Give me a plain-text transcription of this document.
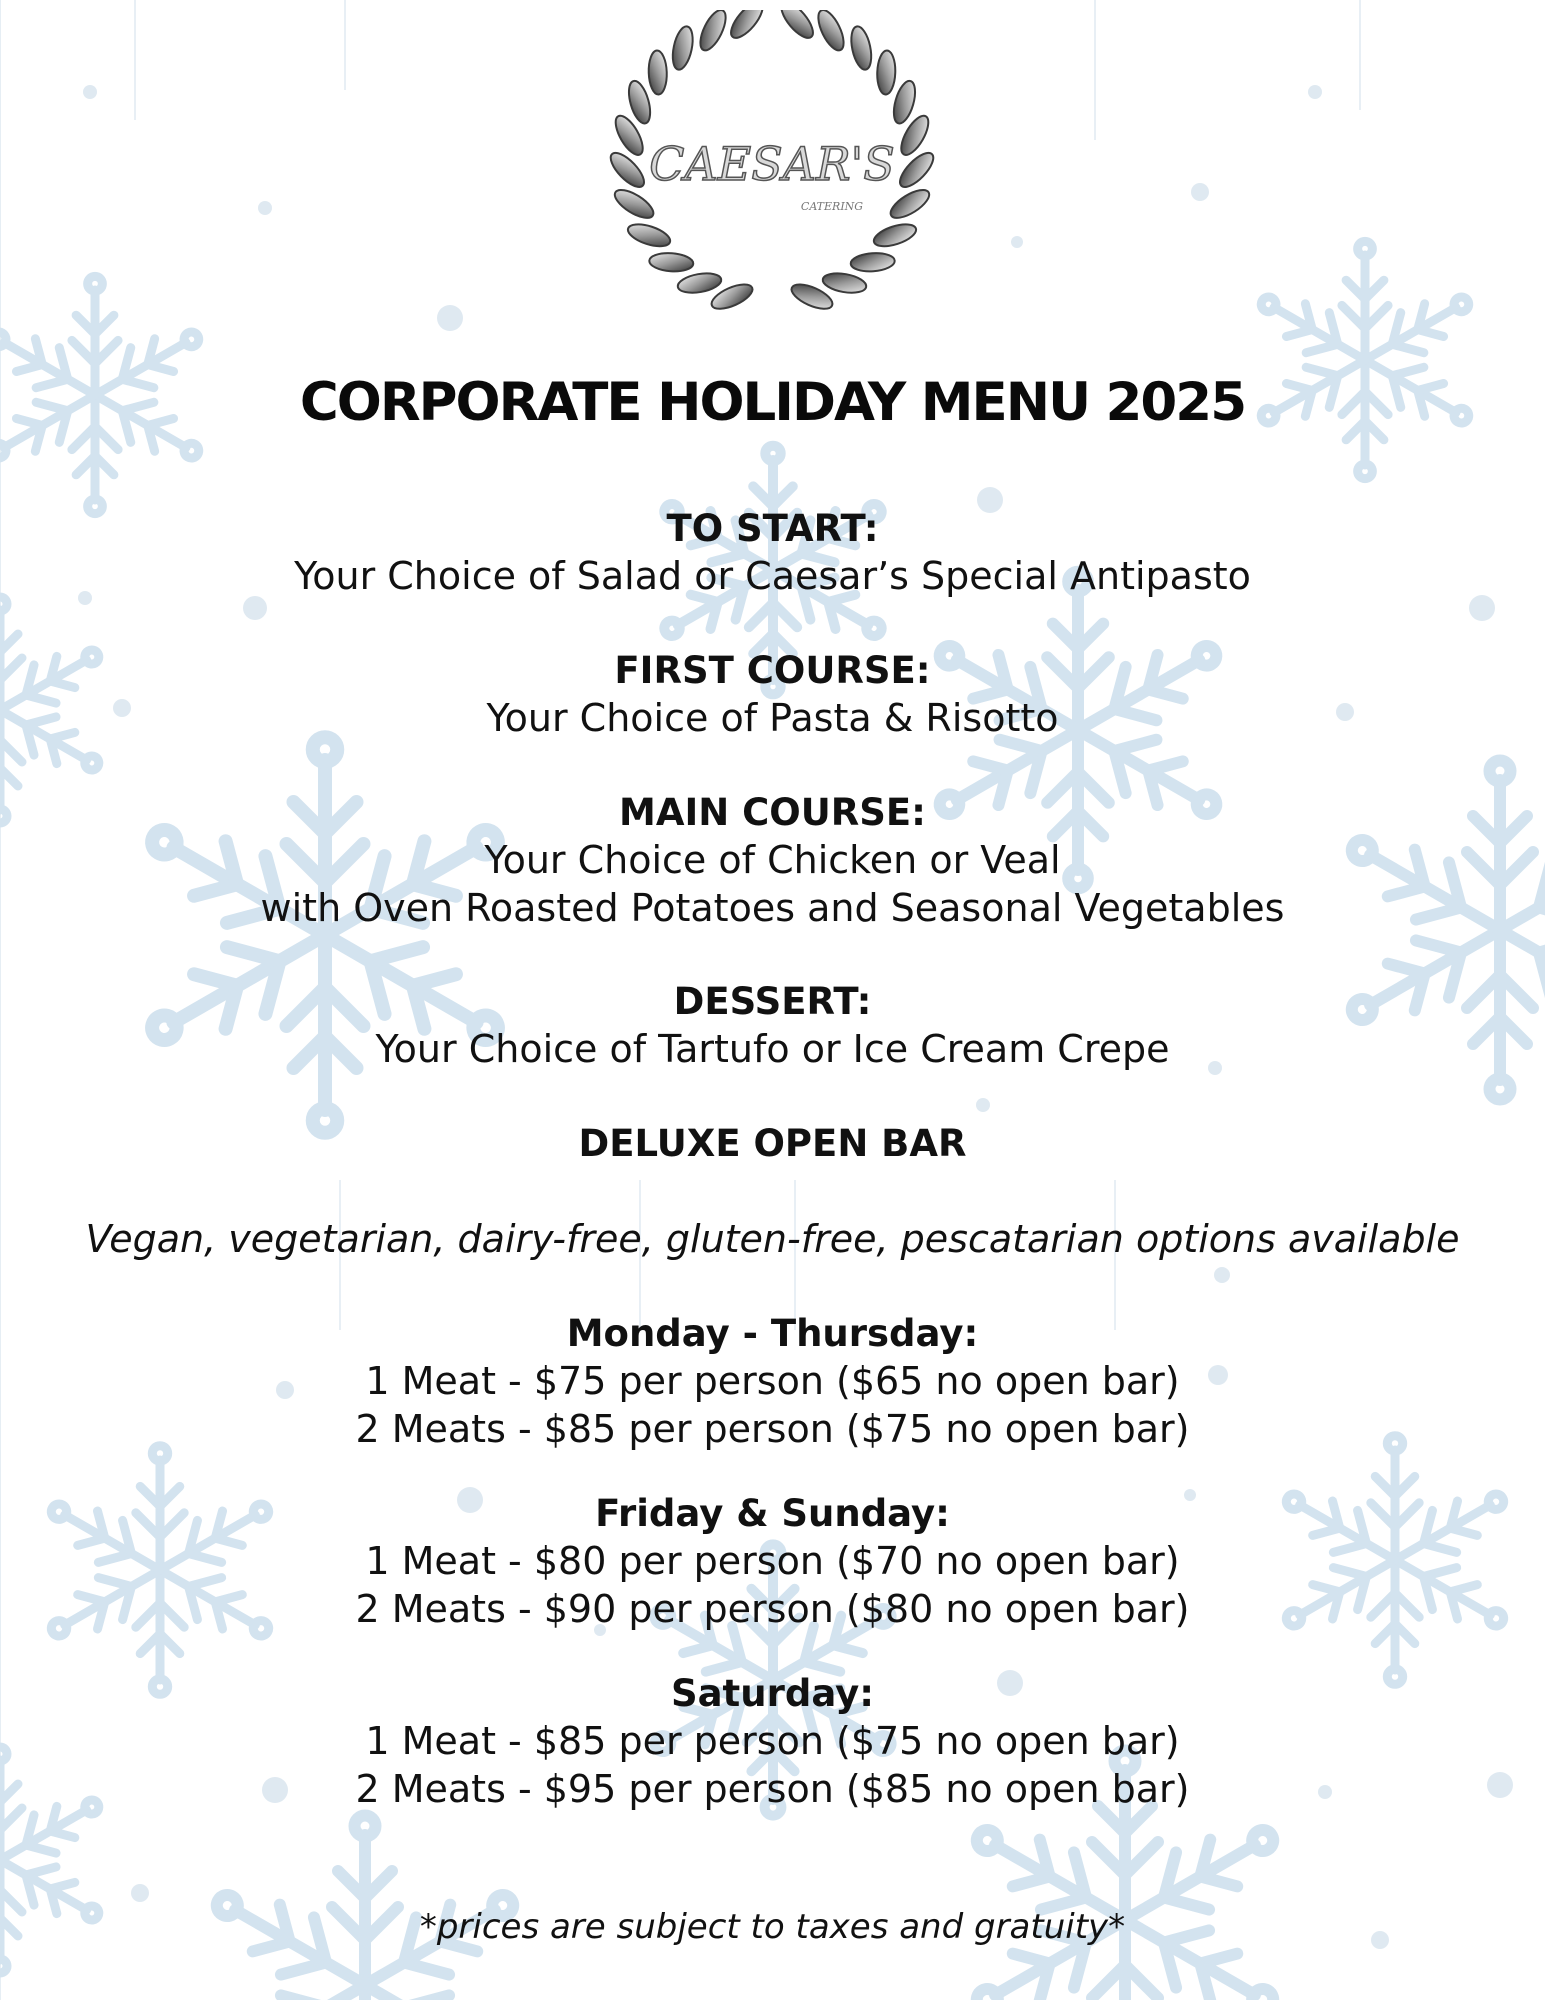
CAESAR'S
CATERING
CORPORATE HOLIDAY MENU 2025
TO START:
Your Choice of Salad or Caesar’s Special Antipasto
FIRST COURSE:
Your Choice of Pasta & Risotto
MAIN COURSE:
Your Choice of Chicken or Veal
with Oven Roasted Potatoes and Seasonal Vegetables
DESSERT:
Your Choice of Tartufo or Ice Cream Crepe
DELUXE OPEN BAR
Vegan, vegetarian, dairy-free, gluten-free, pescatarian options available
Monday - Thursday:
1 Meat - $75 per person ($65 no open bar)
2 Meats - $85 per person ($75 no open bar)
Friday & Sunday:
1 Meat - $80 per person ($70 no open bar)
2 Meats - $90 per person ($80 no open bar)
Saturday:
1 Meat - $85 per person ($75 no open bar)
2 Meats - $95 per person ($85 no open bar)
*prices are subject to taxes and gratuity*
